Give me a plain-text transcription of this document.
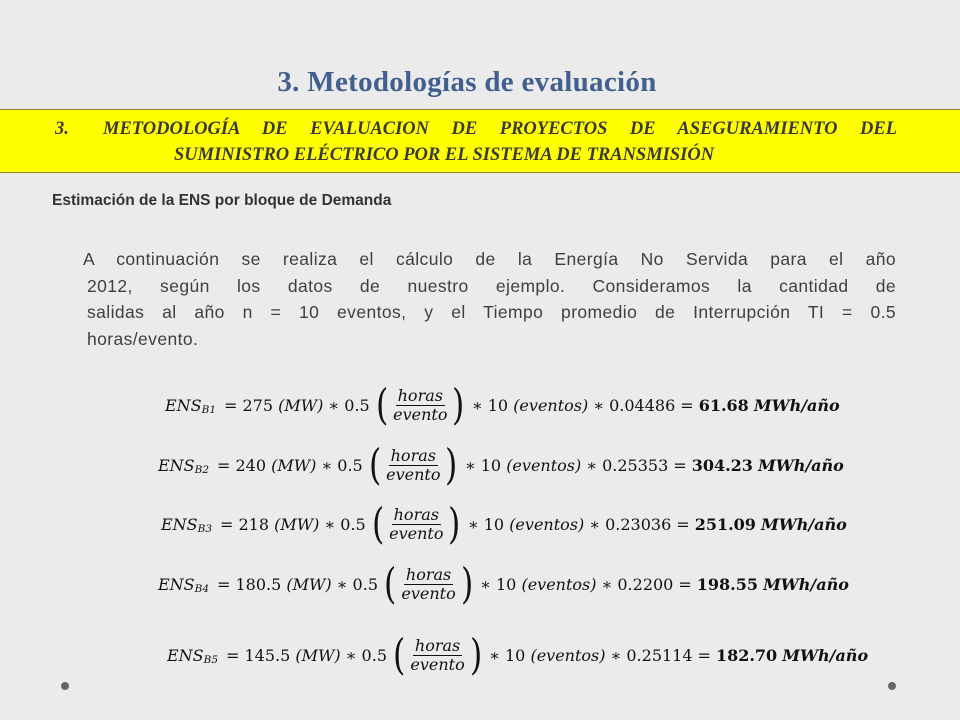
3. Metodologías de evaluación
3. METODOLOGÍA DE EVALUACION DE PROYECTOS DE ASEGURAMIENTO DEL
SUMINISTRO ELÉCTRICO POR EL SISTEMA DE TRANSMISIÓN
Estimación de la ENS por bloque de Demanda
A continuación se realiza el cálculo de la Energía No Servida para el año
2012, según los datos de nuestro ejemplo. Consideramos la cantidad de
salidas al año n = 10 eventos, y el Tiempo promedio de Interrupción TI = 0.5
horas/evento.
ENS B1 = 275
(MW) ∗ 0.5 ( $\frac{\text{horas}}{\text{evento}}$ ) ∗ 10
(eventos) ∗ 0.04486 = 61.68
MWh/año
ENS B2 = 240
(MW) ∗ 0.5 ( $\frac{\text{horas}}{\text{evento}}$ ) ∗ 10
(eventos) ∗ 0.25353 = 304.23
MWh/año
ENS B3 = 218
(MW) ∗ 0.5 ( $\frac{\text{horas}}{\text{evento}}$ ) ∗ 10
(eventos) ∗ 0.23036 = 251.09
MWh/año
ENS B4 = 180.5
(MW) ∗ 0.5 ( $\frac{\text{horas}}{\text{evento}}$ ) ∗ 10
(eventos) ∗ 0.2200 = 198.55
MWh/año
ENS B5 = 145.5
(MW) ∗ 0.5 ( $\frac{\text{horas}}{\text{evento}}$ ) ∗ 10
(eventos) ∗ 0.25114 = 182.70
MWh/año
